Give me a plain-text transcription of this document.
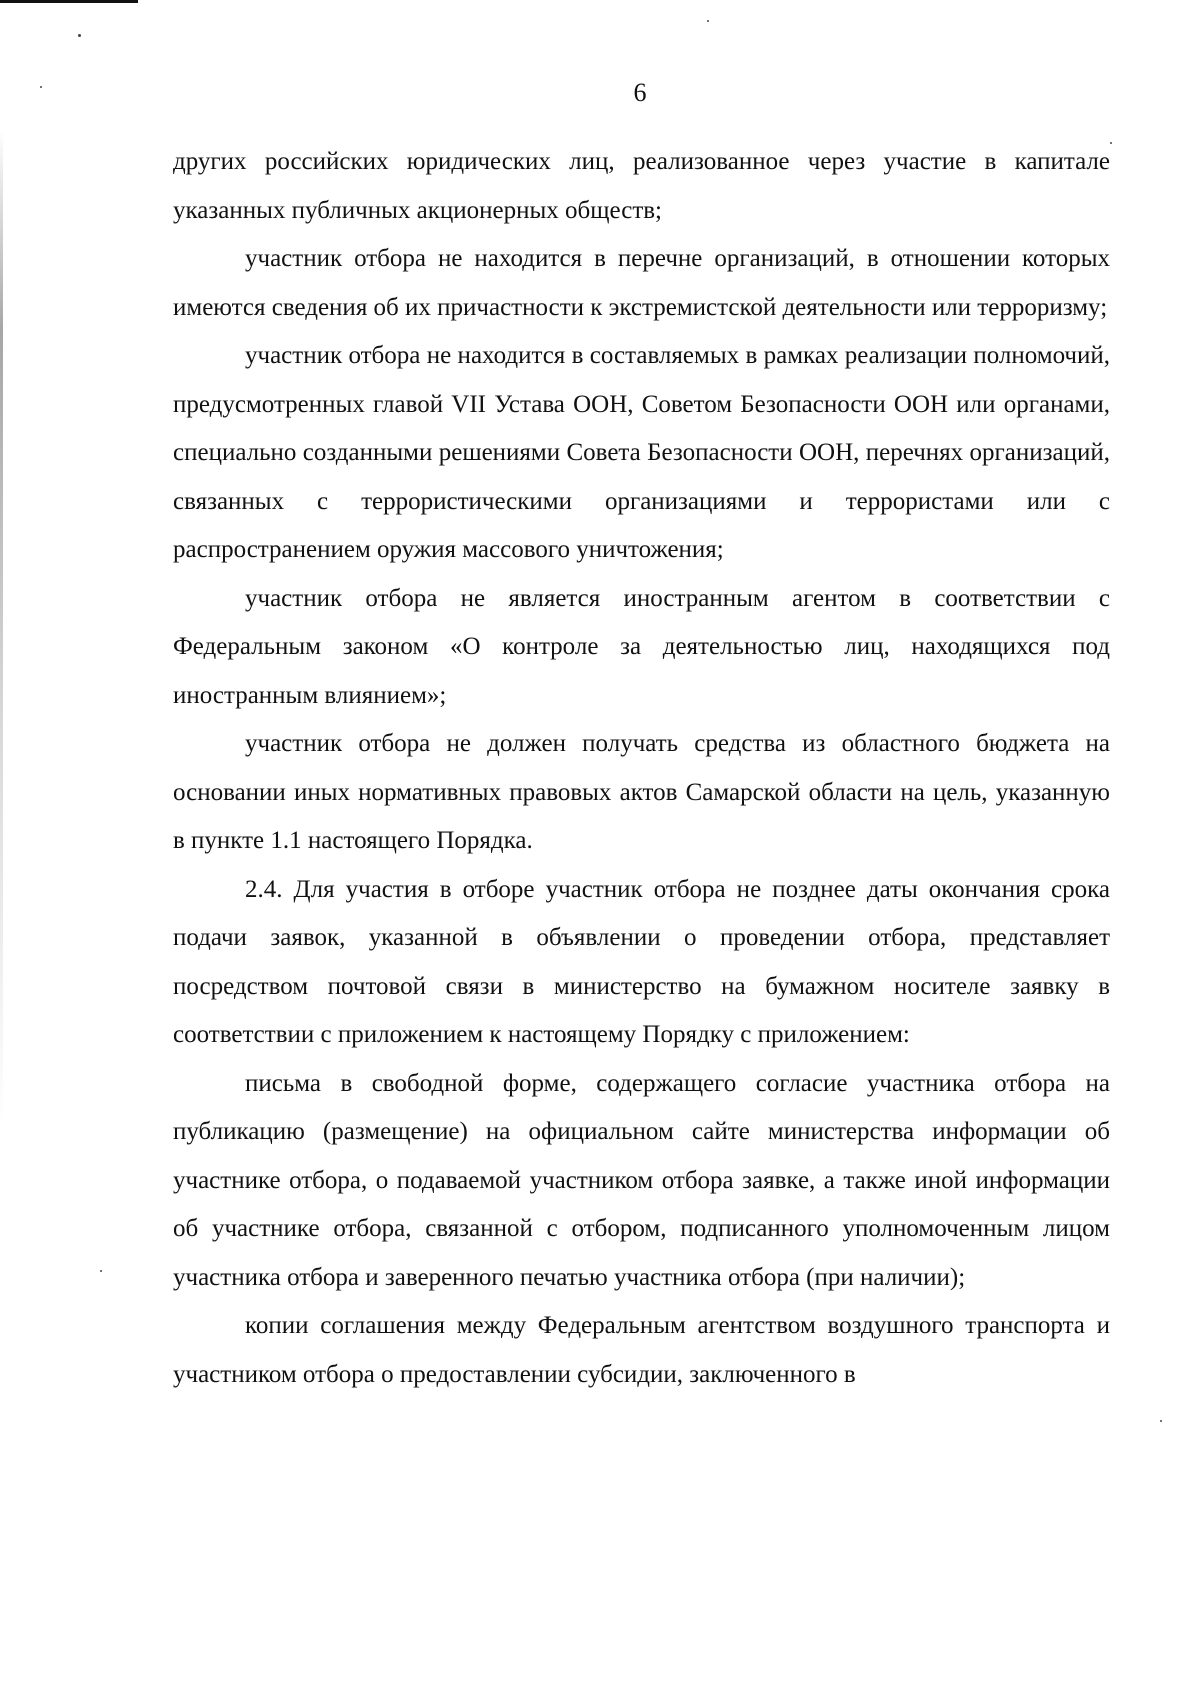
6

других российских юридических лиц, реализованное через участие в капитале указанных публичных акционерных обществ;

участник отбора не находится в перечне организаций, в отношении которых имеются сведения об их причастности к экстремистской деятельности или терроризму;

участник отбора не находится в составляемых в рамках реализации полномочий, предусмотренных главой VII Устава ООН, Советом Безопасности ООН или органами, специально созданными решениями Совета Безопасности ООН, перечнях организаций, связанных с террористическими организациями и террористами или с распространением оружия массового уничтожения;

участник отбора не является иностранным агентом в соответствии с Федеральным законом «О контроле за деятельностью лиц, находящихся под иностранным влиянием»;

участник отбора не должен получать средства из областного бюджета на основании иных нормативных правовых актов Самарской области на цель, указанную в пункте 1.1 настоящего Порядка.

2.4. Для участия в отборе участник отбора не позднее даты окончания срока подачи заявок, указанной в объявлении о проведении отбора, представляет посредством почтовой связи в министерство на бумажном носителе заявку в соответствии с приложением к настоящему Порядку с приложением:

письма в свободной форме, содержащего согласие участника отбора на публикацию (размещение) на официальном сайте министерства информации об участнике отбора, о подаваемой участником отбора заявке, а также иной информации об участнике отбора, связанной с отбором, подписанного уполномоченным лицом участника отбора и заверенного печатью участника отбора (при наличии);

копии соглашения между Федеральным агентством воздушного транспорта и участником отбора о предоставлении субсидии, заключенного в
